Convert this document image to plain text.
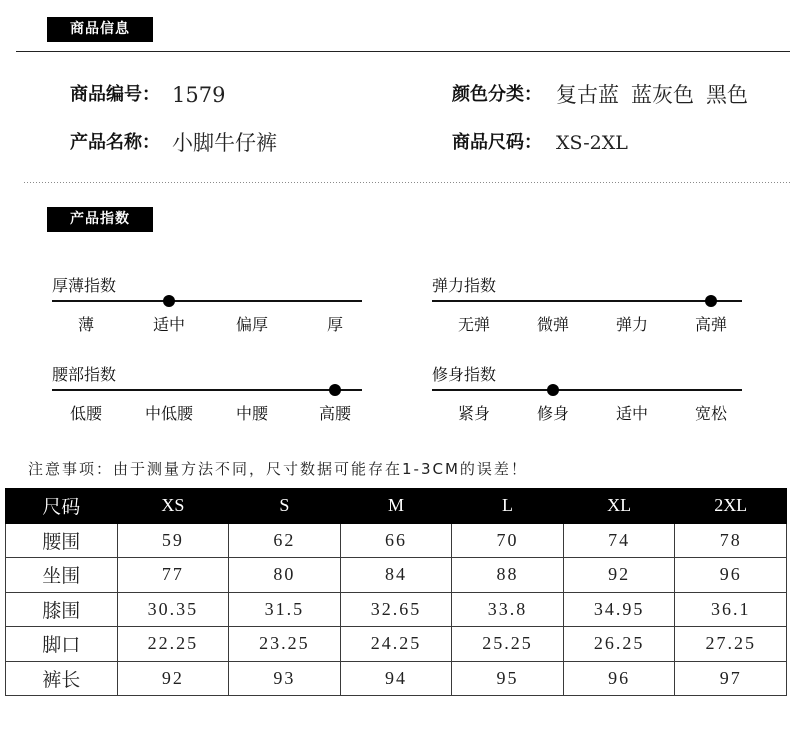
商品信息
商品编号： 1579	颜色分类： 复古蓝 蓝灰色 黑色
产品名称： 小脚牛仔裤	商品尺码： XS-2XL
产品指数
厚薄指数
薄	适中	偏厚	厚
弹力指数
无弹	微弹	弹力	高弹
腰部指数
低腰	中低腰	中腰	高腰
修身指数
紧身	修身	适中	宽松
注意事项：由于测量方法不同，尺寸数据可能存在1-3CM的误差！
尺码	XS	S	M	L	XL	2XL
腰围	59	62	66	70	74	78
坐围	77	80	84	88	92	96
膝围	30.35	31.5	32.65	33.8	34.95	36.1
脚口	22.25	23.25	24.25	25.25	26.25	27.25
裤长	92	93	94	95	96	97
